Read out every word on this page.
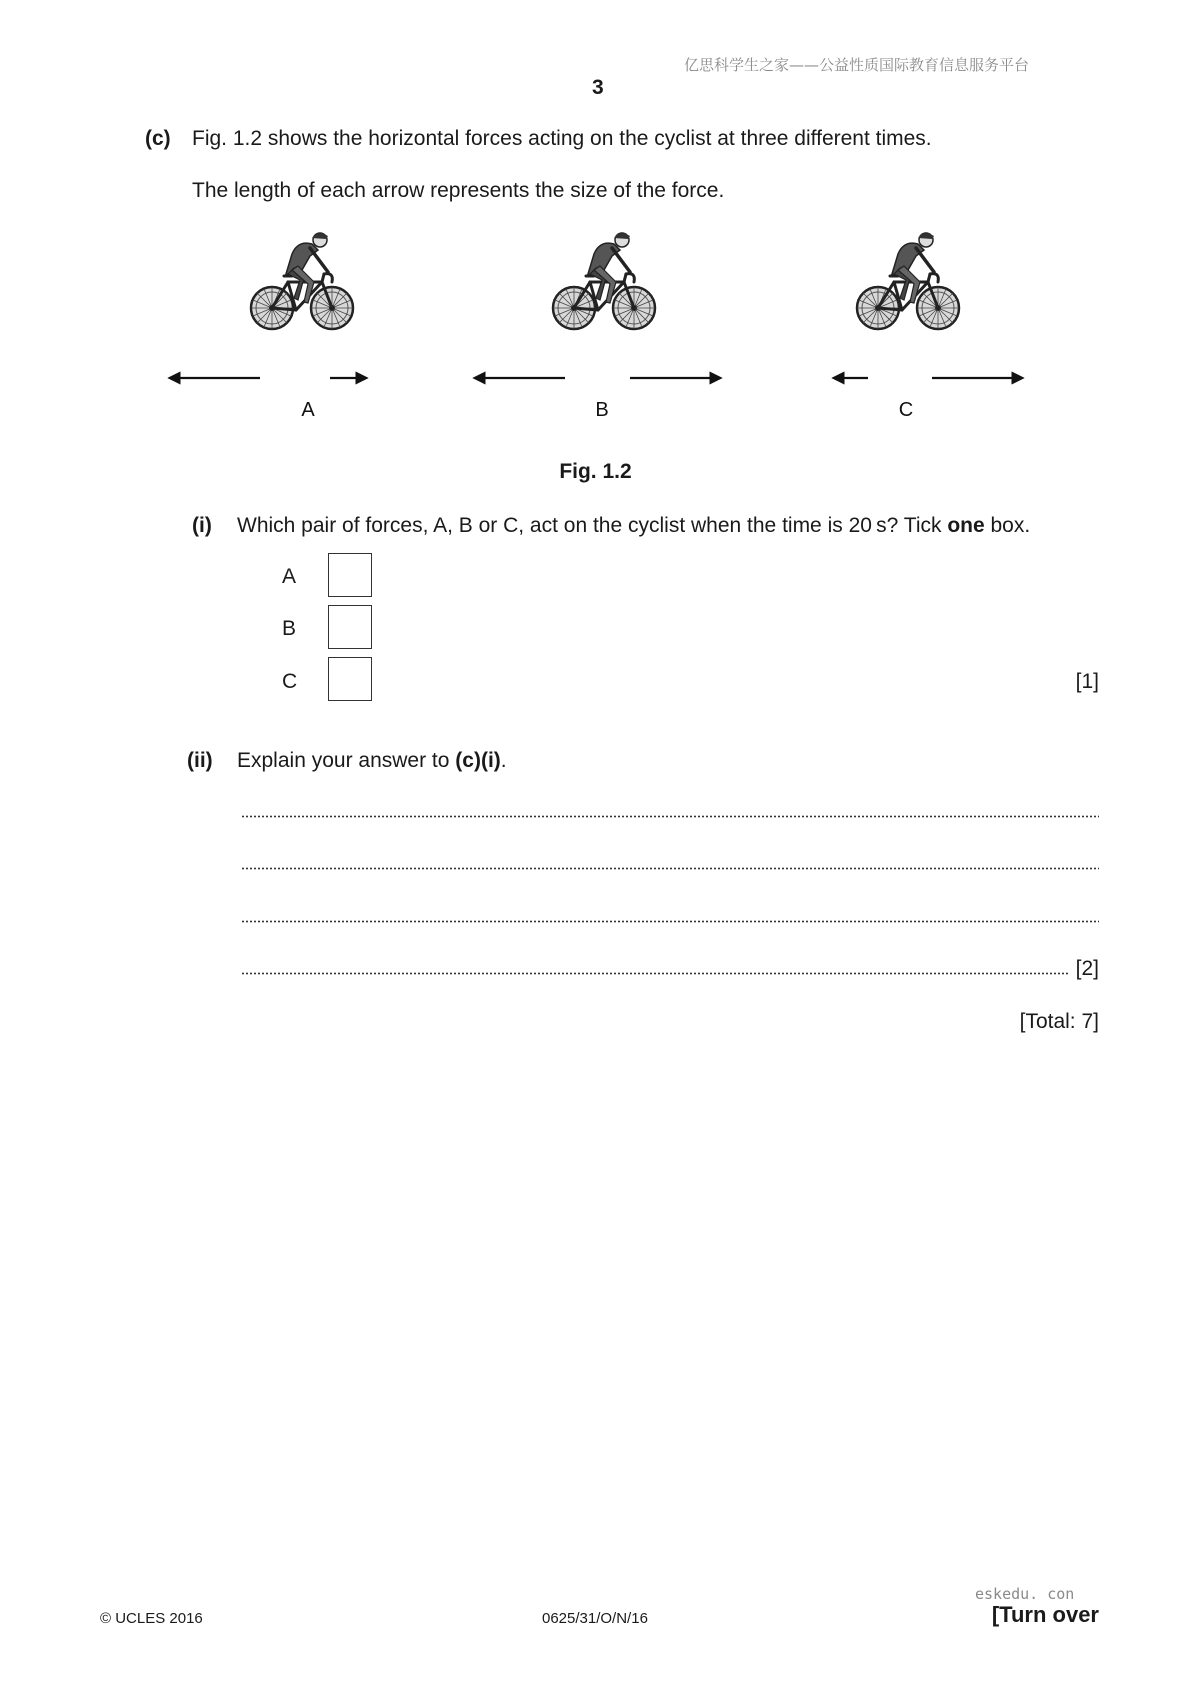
亿思科学生之家——公益性质国际教育信息服务平台
3
(c) Fig. 1.2 shows the horizontal forces acting on the cyclist at three different times.
The length of each arrow represents the size of the force.
A	B	C
Fig. 1.2
(i) Which pair of forces, A, B or C, act on the cyclist when the time is 20 s? Tick one box.
A
B
C	[1]
(ii) Explain your answer to (c)(i).
[2]
[Total: 7]
© UCLES 2016	0625/31/O/N/16
eskedu. con
[Turn over
